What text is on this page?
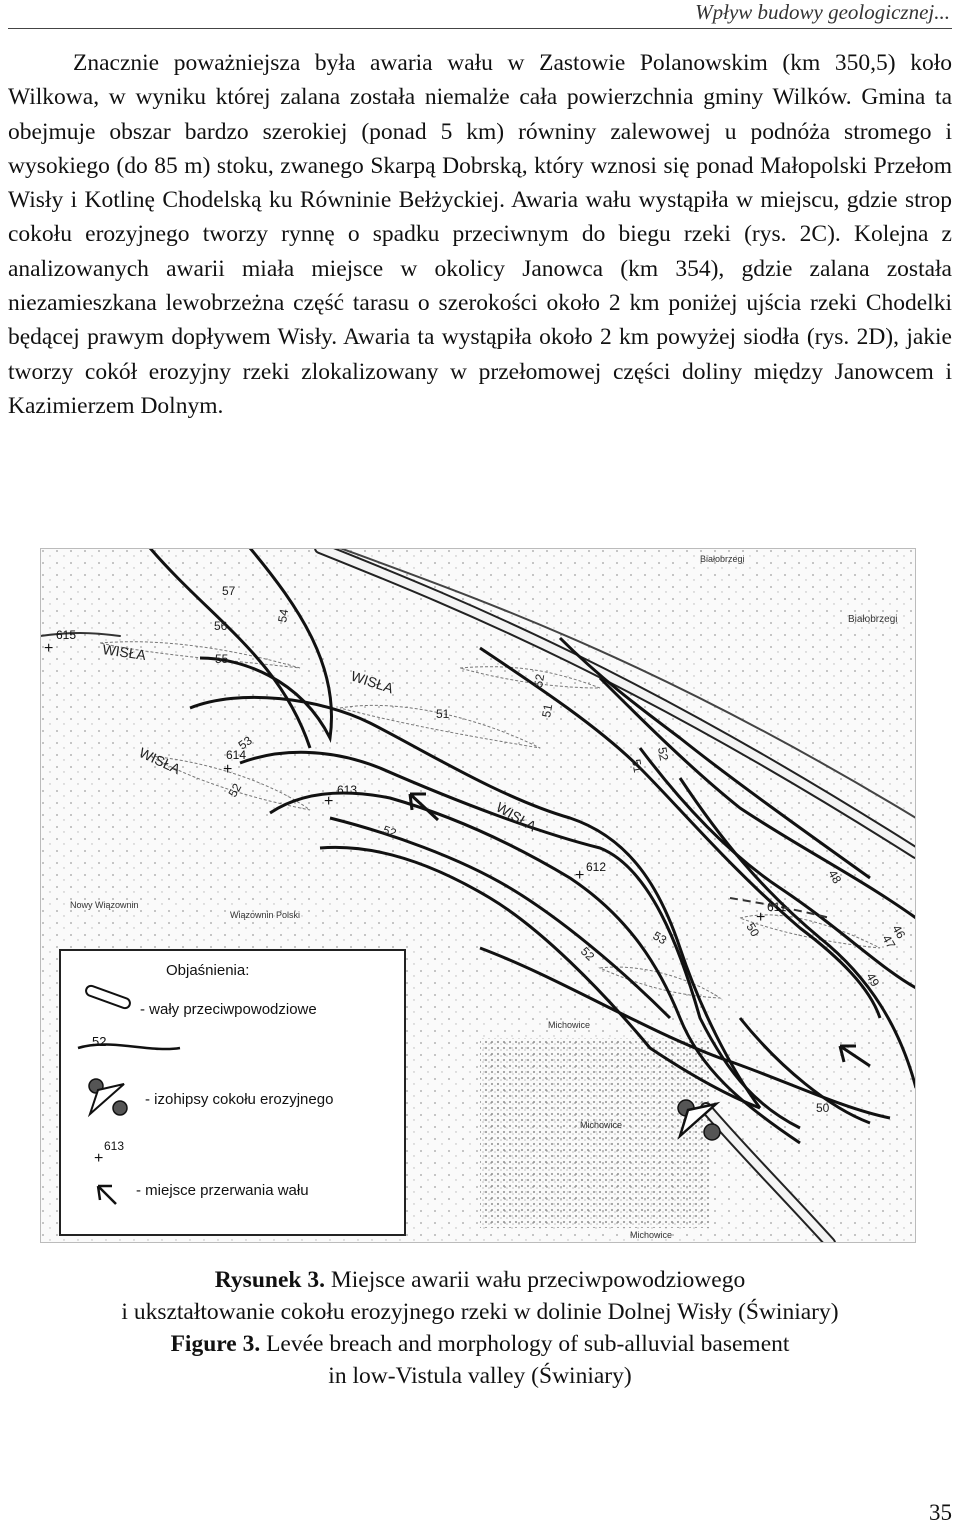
Wpływ budowy geologicznej...

Znacznie poważniejsza była awaria wału w Zastowie Polanowskim (km 350,5) koło Wilkowa, w wyniku której zalana została niemalże cała powierzchnia gminy Wilków. Gmina ta obejmuje obszar bardzo szerokiej (ponad 5 km) równiny zalewowej u podnóża stromego i wysokiego (do 85 m) stoku, zwanego Skarpą Dobrską, który wznosi się ponad Małopolski Przełom Wisły i Kotlinę Chodelską ku Równinie Bełżyckiej. Awaria wału wystąpiła w miejscu, gdzie strop cokołu erozyjnego tworzy rynnę o spadku przeciwnym do biegu rzeki (rys. 2C). Kolejna z analizowanych awarii miała miejsce w okolicy Janowca (km 354), gdzie zalana została niezamieszkana lewobrzeżna część tarasu o szerokości około 2 km poniżej ujścia rzeki Chodelki będącej prawym dopływem Wisły. Awaria ta wystąpiła około 2 km powyżej siodła (rys. 2D), jakie tworzy cokół erozyjny rzeki zlokalizowany w przełomowej części doliny między Janowcem i Kazimierzem Dolnym.

WISŁA
WISŁA
WISŁA
WISŁA
57
56
55
54
53
52
51
52
51
52
53
52
51
50
49
48
47
46
50
52
+
615
+
614
+
613
+ 612
+
611
Białobrzegi
Białobrzegi
Nowy Wiązownin
Wiązownin Polski
Michowice
Michowice
Michowice
Objaśnienia:
- wały przeciwpowodziowe
52
- izohipsy cokołu erozyjnego
+
613
- miejsce przerwania wału
Rysunek 3. Miejsce awarii wału przeciwpowodziowego
i ukształtowanie cokołu erozyjnego rzeki w dolinie Dolnej Wisły (Świniary)
Figure 3. Levée breach and morphology of sub-alluvial basement
in low-Vistula valley (Świniary)
35
